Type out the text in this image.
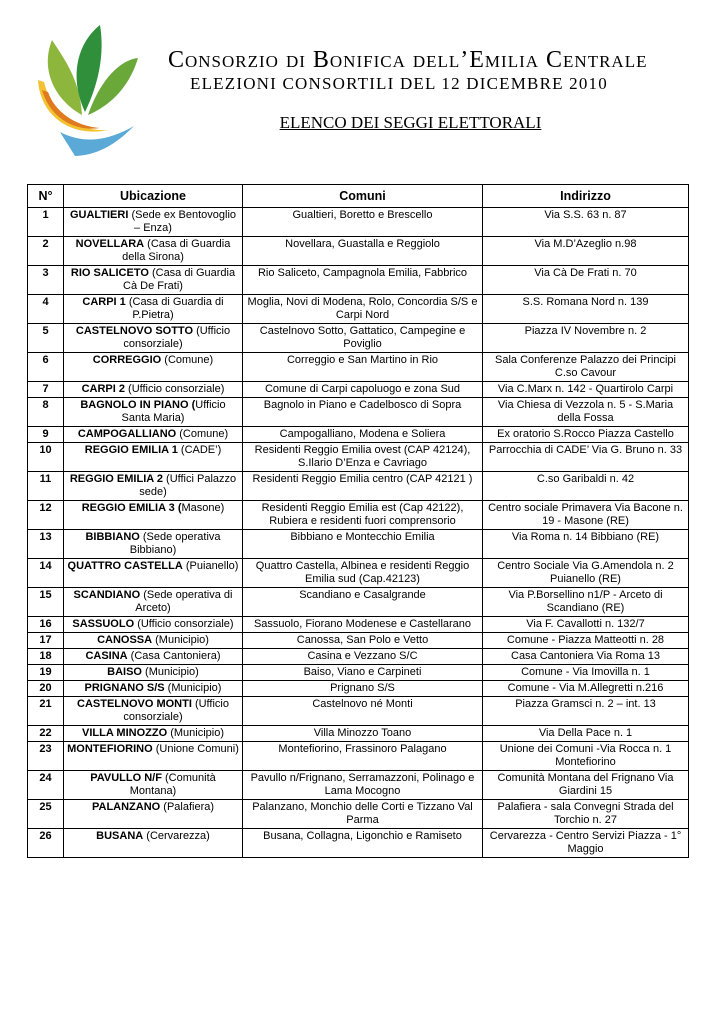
Consorzio di Bonifica dell’Emilia Centrale
ELEZIONI CONSORTILI DEL 12 DICEMBRE 2010
ELENCO DEI SEGGI ELETTORALI
N°	Ubicazione	Comuni	Indirizzo
1	GUALTIERI (Sede ex Bentovoglio – Enza)	Gualtieri, Boretto e Brescello	Via S.S. 63 n. 87
2	NOVELLARA (Casa di Guardia della Sirona)	Novellara, Guastalla e Reggiolo	Via M.D’Azeglio n.98
3	RIO SALICETO (Casa di Guardia Cà De Frati)	Rio Saliceto, Campagnola Emilia, Fabbrico	Via Cà De Frati n. 70
4	CARPI 1 (Casa di Guardia di P.Pietra)	Moglia, Novi di Modena, Rolo, Concordia S/S e Carpi Nord	S.S. Romana Nord n. 139
5	CASTELNOVO SOTTO (Ufficio consorziale)	Castelnovo Sotto, Gattatico, Campegine e Poviglio	Piazza IV Novembre n. 2
6	CORREGGIO (Comune)	Correggio e San Martino in Rio	Sala Conferenze Palazzo dei Principi C.so Cavour
7	CARPI 2 (Ufficio consorziale)	Comune di Carpi capoluogo e zona Sud	Via C.Marx n. 142 - Quartirolo Carpi
8	BAGNOLO IN PIANO (Ufficio Santa Maria)	Bagnolo in Piano e Cadelbosco di Sopra	Via Chiesa di Vezzola n. 5 - S.Maria della Fossa
9	CAMPOGALLIANO (Comune)	Campogalliano, Modena e Soliera	Ex oratorio S.Rocco Piazza Castello
10	REGGIO EMILIA 1 (CADE’)	Residenti Reggio Emilia ovest (CAP 42124), S.Ilario D’Enza e Cavriago	Parrocchia di CADE’ Via G. Bruno n. 33
11	REGGIO EMILIA 2 (Uffici Palazzo sede)	Residenti Reggio Emilia centro (CAP 42121 )	C.so Garibaldi n. 42
12	REGGIO EMILIA 3 (Masone)	Residenti Reggio Emilia est (Cap 42122), Rubiera e residenti fuori comprensorio	Centro sociale Primavera Via Bacone n. 19 - Masone (RE)
13	BIBBIANO (Sede operativa Bibbiano)	Bibbiano e Montecchio Emilia	Via Roma n. 14 Bibbiano (RE)
14	QUATTRO CASTELLA (Puianello)	Quattro Castella, Albinea e residenti Reggio Emilia sud (Cap.42123)	Centro Sociale Via G.Amendola n. 2 Puianello (RE)
15	SCANDIANO (Sede operativa di Arceto)	Scandiano e Casalgrande	Via P.Borsellino n1/P - Arceto di Scandiano (RE)
16	SASSUOLO (Ufficio consorziale)	Sassuolo, Fiorano Modenese e Castellarano	Via F. Cavallotti n. 132/7
17	CANOSSA (Municipio)	Canossa, San Polo e Vetto	Comune - Piazza Matteotti n. 28
18	CASINA (Casa Cantoniera)	Casina e Vezzano S/C	Casa Cantoniera Via Roma 13
19	BAISO (Municipio)	Baiso, Viano e Carpineti	Comune - Via Imovilla n. 1
20	PRIGNANO S/S (Municipio)	Prignano S/S	Comune - Via M.Allegretti n.216
21	CASTELNOVO MONTI (Ufficio consorziale)	Castelnovo né Monti	Piazza Gramsci n. 2 – int. 13
22	VILLA MINOZZO (Municipio)	Villa Minozzo Toano	Via Della Pace n. 1
23	MONTEFIORINO (Unione Comuni)	Montefiorino, Frassinoro Palagano	Unione dei Comuni -Via Rocca n. 1 Montefiorino
24	PAVULLO N/F (Comunità Montana)	Pavullo n/Frignano, Serramazzoni, Polinago e Lama Mocogno	Comunità Montana del Frignano Via Giardini 15
25	PALANZANO (Palafiera)	Palanzano, Monchio delle Corti e Tizzano Val Parma	Palafiera - sala Convegni Strada del Torchio n. 27
26	BUSANA (Cervarezza)	Busana, Collagna, Ligonchio e Ramiseto	Cervarezza - Centro Servizi Piazza - 1° Maggio
